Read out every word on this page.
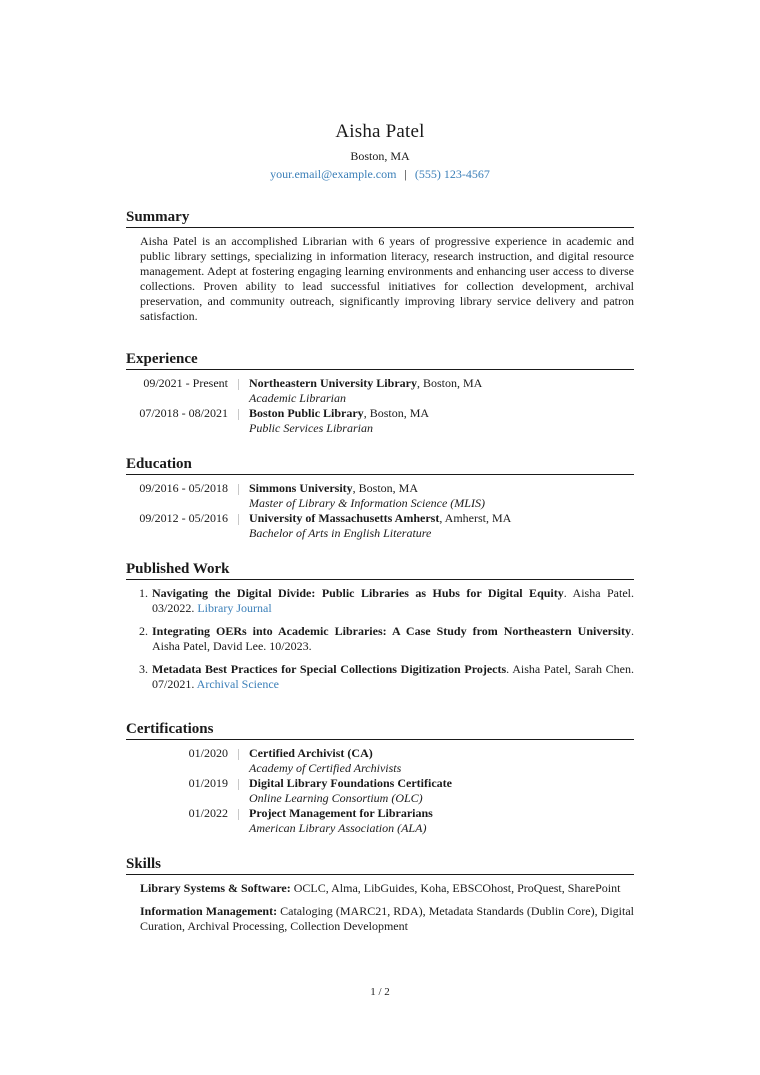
Aisha Patel
Boston, MA
your.email@example.com | (555) 123-4567
Summary

Aisha Patel is an accomplished Librarian with 6 years of progressive experience in academic and public library settings, specializing in information literacy, research instruction, and digital resource management. Adept at fostering engaging learning environments and enhancing user access to diverse collections. Proven ability to lead successful initiatives for collection development, archival preservation, and community outreach, significantly improving library service delivery and patron satisfaction.

Experience
09/2021 - Present	Northeastern University Library, Boston, MA
Academic Librarian
07/2018 - 08/2021	Boston Public Library, Boston, MA
Public Services Librarian
Education
09/2016 - 05/2018	Simmons University, Boston, MA
Master of Library & Information Science (MLIS)
09/2012 - 05/2016	University of Massachusetts Amherst, Amherst, MA
Bachelor of Arts in English Literature
Published Work
1. Navigating the Digital Divide: Public Libraries as Hubs for Digital Equity. Aisha Patel. 03/2022. Library Journal
2. Integrating OERs into Academic Libraries: A Case Study from Northeastern University. Aisha Patel, David Lee. 10/2023.
3. Metadata Best Practices for Special Collections Digitization Projects. Aisha Patel, Sarah Chen. 07/2021. Archival Science
Certifications
01/2020	Certified Archivist (CA)
Academy of Certified Archivists
01/2019	Digital Library Foundations Certificate
Online Learning Consortium (OLC)
01/2022	Project Management for Librarians
American Library Association (ALA)
Skills

Library Systems & Software: OCLC, Alma, LibGuides, Koha, EBSCOhost, ProQuest, SharePoint

Information Management: Cataloging (MARC21, RDA), Metadata Standards (Dublin Core), Digital Curation, Archival Processing, Collection Development

1 / 2
